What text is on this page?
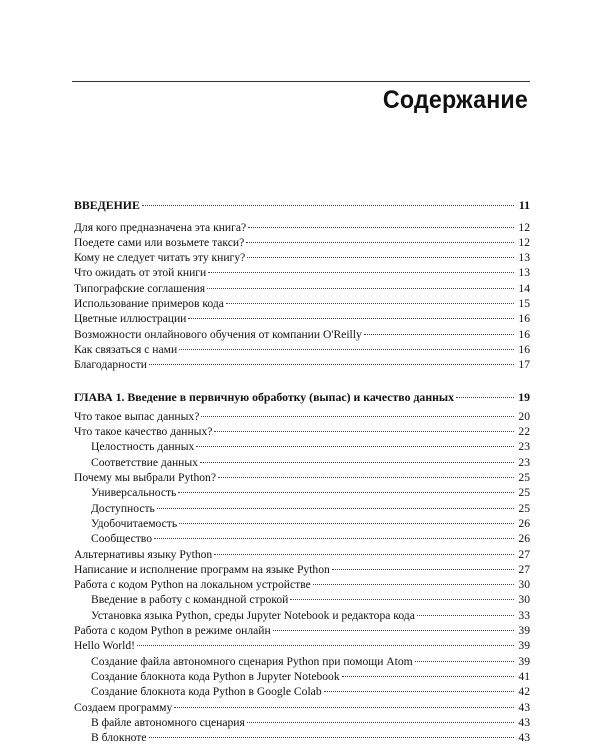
Содержание
ВВЕДЕНИЕ	11
Для кого предназначена эта книга?	12
Поедете сами или возьмете такси?	12
Кому не следует читать эту книгу?	13
Что ожидать от этой книги	13
Типографские соглашения	14
Использование примеров кода	15
Цветные иллюстрации	16
Возможности онлайнового обучения от компании O'Reilly	16
Как связаться с нами	16
Благодарности	17
ГЛАВА 1. Введение в первичную обработку (выпас) и качество данных	19
Что такое выпас данных?	20
Что такое качество данных?	22
Целостность данных	23
Соответствие данных	23
Почему мы выбрали Python?	25
Универсальность	25
Доступность	25
Удобочитаемость	26
Сообщество	26
Альтернативы языку Python	27
Написание и исполнение программ на языке Python	27
Работа с кодом Python на локальном устройстве	30
Введение в работу с командной строкой	30
Установка языка Python, среды Jupyter Notebook и редактора кода	33
Работа с кодом Python в режиме онлайн	39
Hello World!	39
Создание файла автономного сценария Python при помощи Atom	39
Создание блокнота кода Python в Jupyter Notebook	41
Создание блокнота кода Python в Google Colab	42
Создаем программу	43
В файле автономного сценария	43
В блокноте	43
